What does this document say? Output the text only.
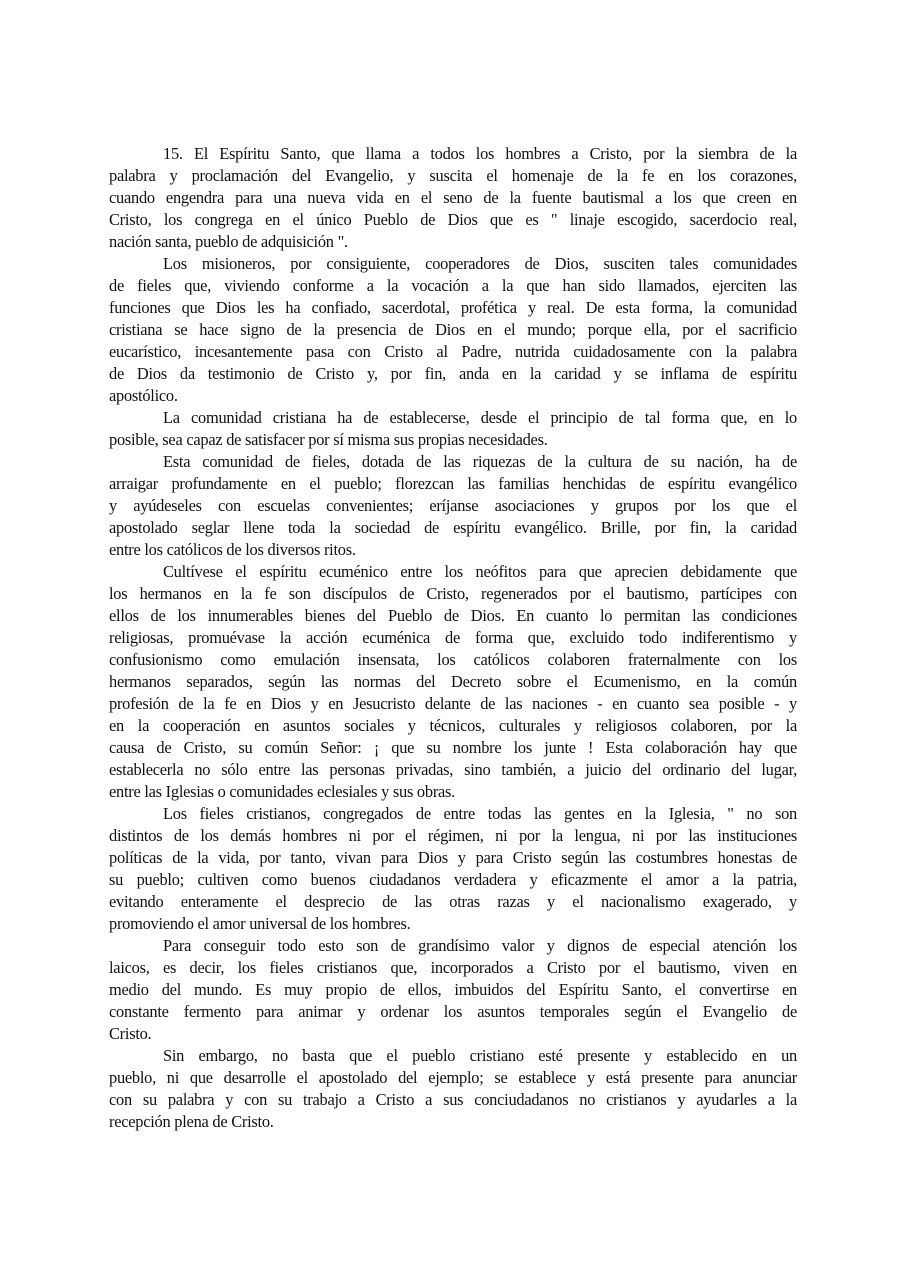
15. El Espíritu Santo, que llama a todos los hombres a Cristo, por la siembra de la
palabra y proclamación del Evangelio, y suscita el homenaje de la fe en los corazones,
cuando engendra para una nueva vida en el seno de la fuente bautismal a los que creen en
Cristo, los congrega en el único Pueblo de Dios que es " linaje escogido, sacerdocio real,
nación santa, pueblo de adquisición ".
Los misioneros, por consiguiente, cooperadores de Dios, susciten tales comunidades
de fieles que, viviendo conforme a la vocación a la que han sido llamados, ejerciten las
funciones que Dios les ha confiado, sacerdotal, profética y real. De esta forma, la comunidad
cristiana se hace signo de la presencia de Dios en el mundo; porque ella, por el sacrificio
eucarístico, incesantemente pasa con Cristo al Padre, nutrida cuidadosamente con la palabra
de Dios da testimonio de Cristo y, por fin, anda en la caridad y se inflama de espíritu
apostólico.
La comunidad cristiana ha de establecerse, desde el principio de tal forma que, en lo
posible, sea capaz de satisfacer por sí misma sus propias necesidades.
Esta comunidad de fieles, dotada de las riquezas de la cultura de su nación, ha de
arraigar profundamente en el pueblo; florezcan las familias henchidas de espíritu evangélico
y ayúdeseles con escuelas convenientes; eríjanse asociaciones y grupos por los que el
apostolado seglar llene toda la sociedad de espíritu evangélico. Brille, por fin, la caridad
entre los católicos de los diversos ritos.
Cultívese el espíritu ecuménico entre los neófitos para que aprecien debidamente que
los hermanos en la fe son discípulos de Cristo, regenerados por el bautismo, partícipes con
ellos de los innumerables bienes del Pueblo de Dios. En cuanto lo permitan las condiciones
religiosas, promuévase la acción ecuménica de forma que, excluido todo indiferentismo y
confusionismo como emulación insensata, los católicos colaboren fraternalmente con los
hermanos separados, según las normas del Decreto sobre el Ecumenismo, en la común
profesión de la fe en Dios y en Jesucristo delante de las naciones - en cuanto sea posible - y
en la cooperación en asuntos sociales y técnicos, culturales y religiosos colaboren, por la
causa de Cristo, su común Señor: ¡ que su nombre los junte ! Esta colaboración hay que
establecerla no sólo entre las personas privadas, sino también, a juicio del ordinario del lugar,
entre las Iglesias o comunidades eclesiales y sus obras.
Los fieles cristianos, congregados de entre todas las gentes en la Iglesia, " no son
distintos de los demás hombres ni por el régimen, ni por la lengua, ni por las instituciones
políticas de la vida, por tanto, vivan para Dios y para Cristo según las costumbres honestas de
su pueblo; cultiven como buenos ciudadanos verdadera y eficazmente el amor a la patria,
evitando enteramente el desprecio de las otras razas y el nacionalismo exagerado, y
promoviendo el amor universal de los hombres.
Para conseguir todo esto son de grandísimo valor y dignos de especial atención los
laicos, es decir, los fieles cristianos que, incorporados a Cristo por el bautismo, viven en
medio del mundo. Es muy propio de ellos, imbuidos del Espíritu Santo, el convertirse en
constante fermento para animar y ordenar los asuntos temporales según el Evangelio de
Cristo.
Sin embargo, no basta que el pueblo cristiano esté presente y establecido en un
pueblo, ni que desarrolle el apostolado del ejemplo; se establece y está presente para anunciar
con su palabra y con su trabajo a Cristo a sus conciudadanos no cristianos y ayudarles a la
recepción plena de Cristo.
